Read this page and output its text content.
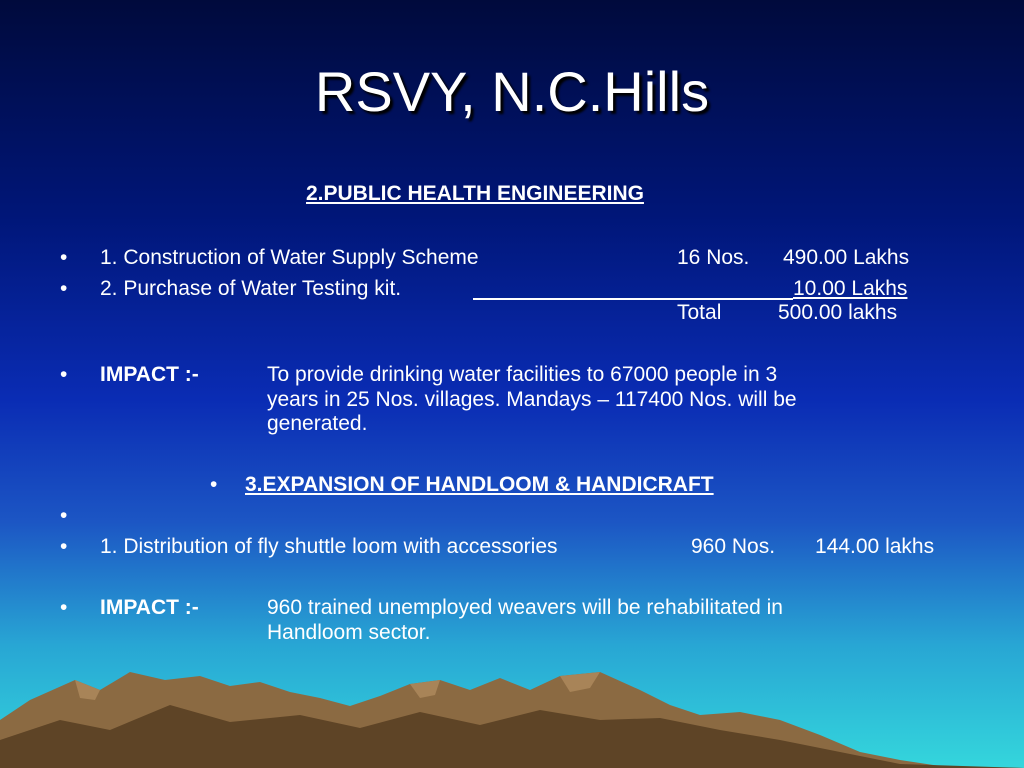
RSVY, N.C.Hills
2.PUBLIC HEALTH ENGINEERING
• 1. Construction of Water Supply Scheme	16 Nos. 490.00 Lakhs
• 2. Purchase of Water Testing kit.	10.00 Lakhs
Total	500.00 lakhs
• IMPACT :-	To provide drinking water facilities to 67000 people in 3
years in 25 Nos. villages. Mandays – 117400 Nos. will be
generated.
• 3.EXPANSION OF HANDLOOM & HANDICRAFT
•
• 1. Distribution of fly shuttle loom with accessories	960 Nos. 144.00 lakhs
• IMPACT :-	960 trained unemployed weavers will be rehabilitated in
Handloom sector.
